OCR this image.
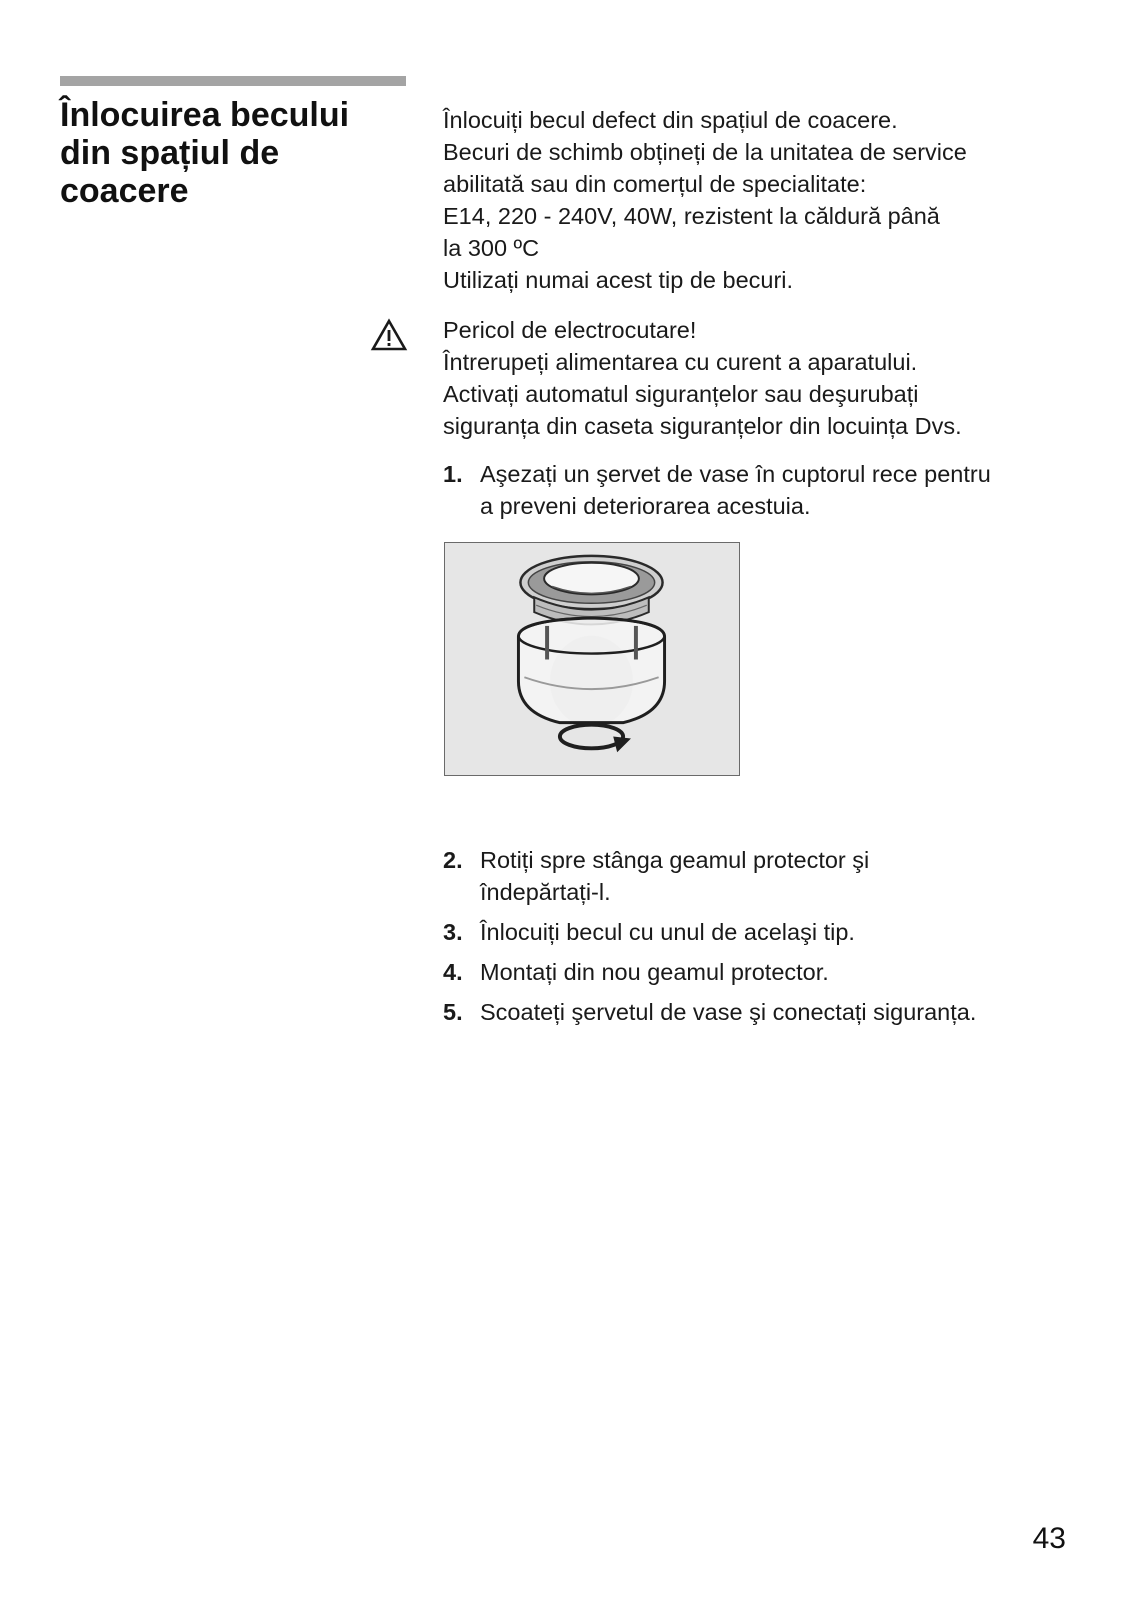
Înlocuirea becului
din spațiul de
coacere
Înlocuiți becul defect din spațiul de coacere.
Becuri de schimb obțineți de la unitatea de service
abilitată sau din comerțul de specialitate:
E14, 220 - 240V, 40W, rezistent la căldură până
la 300 ºC
Utilizați numai acest tip de becuri.
Pericol de electrocutare!
Întrerupeți alimentarea cu curent a aparatului.
Activați automatul siguranțelor sau deşurubați
siguranța din caseta siguranțelor din locuința Dvs.
1. Aşezați un şervet de vase în cuptorul rece pentru
a preveni deteriorarea acestuia.
2. Rotiți spre stânga geamul protector şi
îndepărtați-l.
3. Înlocuiți becul cu unul de acelaşi tip.
4. Montați din nou geamul protector.
5. Scoateți şervetul de vase şi conectați siguranța.
43
